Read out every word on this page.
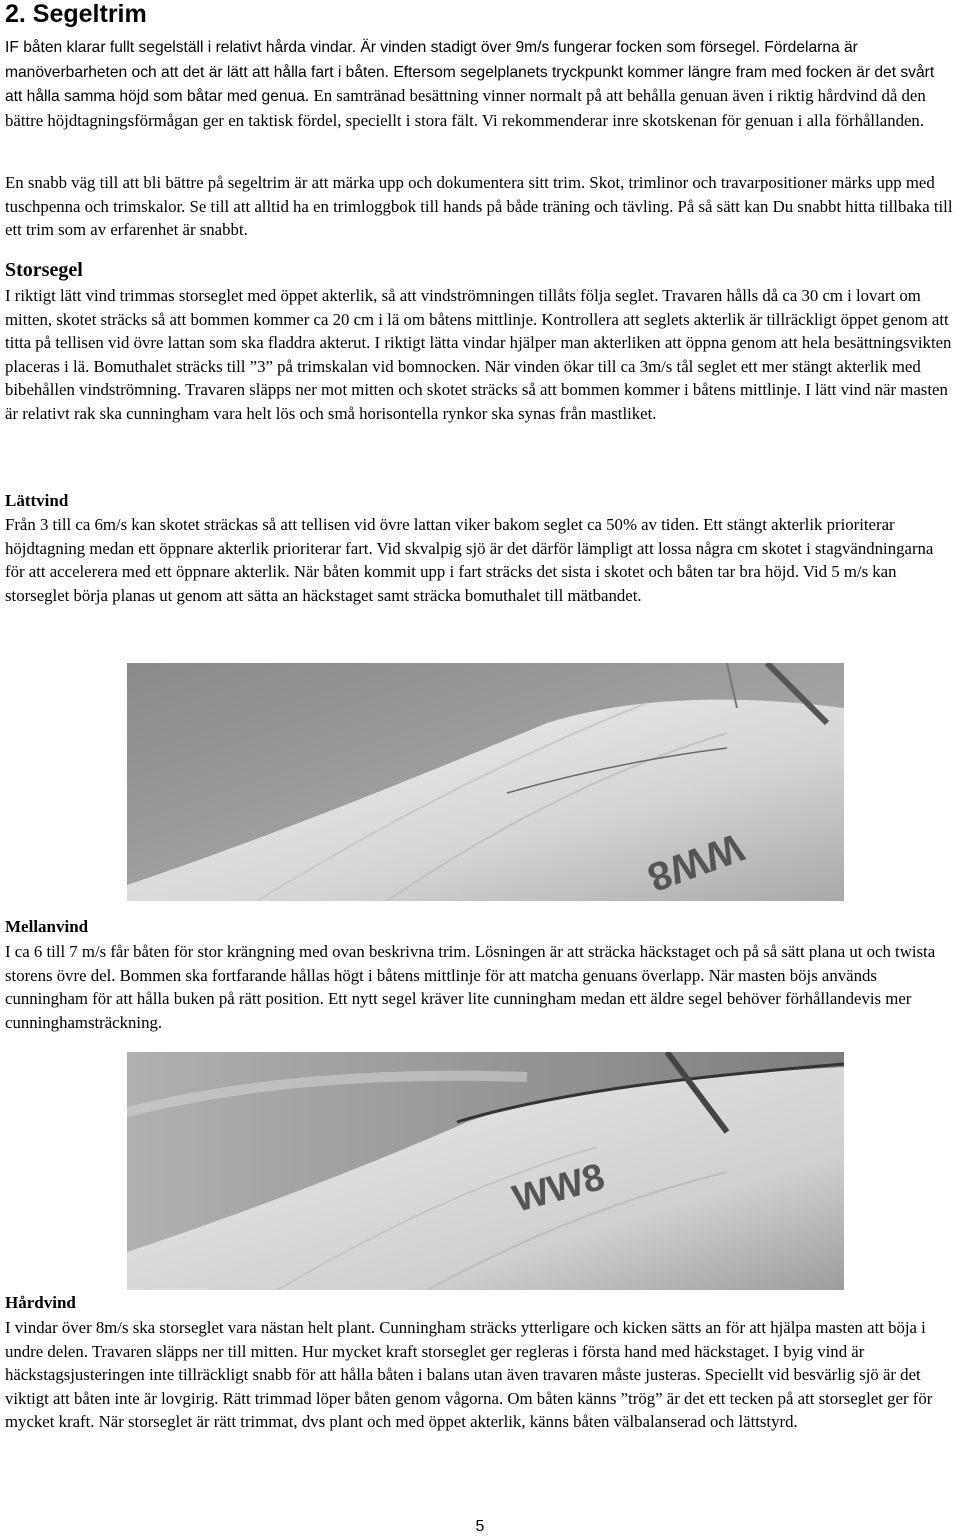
2. Segeltrim

IF båten klarar fullt segelställ i relativt hårda vindar. Är vinden stadigt över 9m/s fungerar focken som försegel. Fördelarna är manöverbarheten och att det är lätt att hålla fart i båten. Eftersom segelplanets tryckpunkt kommer längre fram med focken är det svårt att hålla samma höjd som båtar med genua. En samtränad besättning vinner normalt på att behålla genuan även i riktig hårdvind då den bättre höjdtagningsförmågan ger en taktisk fördel, speciellt i stora fält. Vi rekommenderar inre skotskenan för genuan i alla förhållanden.

En snabb väg till att bli bättre på segeltrim är att märka upp och dokumentera sitt trim. Skot, trimlinor och travarpositioner märks upp med tuschpenna och trimskalor. Se till att alltid ha en trimloggbok till hands på både träning och tävling. På så sätt kan Du snabbt hitta tillbaka till ett trim som av erfarenhet är snabbt.

Storsegel

I riktigt lätt vind trimmas storseglet med öppet akterlik, så att vindströmningen tillåts följa seglet. Travaren hålls då ca 30 cm i lovart om mitten, skotet sträcks så att bommen kommer ca 20 cm i lä om båtens mittlinje. Kontrollera att seglets akterlik är tillräckligt öppet genom att titta på tellisen vid övre lattan som ska fladdra akterut. I riktigt lätta vindar hjälper man akterliken att öppna genom att hela besättningsvikten placeras i lä. Bomuthalet sträcks till ”3” på trimskalan vid bomnocken. När vinden ökar till ca 3m/s tål seglet ett mer stängt akterlik med bibehållen vindströmning. Travaren släpps ner mot mitten och skotet sträcks så att bommen kommer i båtens mittlinje. I lätt vind när masten är relativt rak ska cunningham vara helt lös och små horisontella rynkor ska synas från mastliket.

Lättvind

Från 3 till ca 6m/s kan skotet sträckas så att tellisen vid övre lattan viker bakom seglet ca 50% av tiden. Ett stängt akterlik prioriterar höjdtagning medan ett öppnare akterlik prioriterar fart. Vid skvalpig sjö är det därför lämpligt att lossa några cm skotet i stagvändningarna för att accelerera med ett öppnare akterlik. När båten kommit upp i fart sträcks det sista i skotet och båten tar bra höjd. Vid 5 m/s kan storseglet börja planas ut genom att sätta an häckstaget samt sträcka bomuthalet till mätbandet.

WW8
Mellanvind

I ca 6 till 7 m/s får båten för stor krängning med ovan beskrivna trim. Lösningen är att sträcka häckstaget och på så sätt plana ut och twista storens övre del. Bommen ska fortfarande hållas högt i båtens mittlinje för att matcha genuans överlapp. När masten böjs används cunningham för att hålla buken på rätt position. Ett nytt segel kräver lite cunningham medan ett äldre segel behöver förhållandevis mer cunninghamsträckning.

WW8
Hårdvind

I vindar över 8m/s ska storseglet vara nästan helt plant. Cunningham sträcks ytterligare och kicken sätts an för att hjälpa masten att böja i undre delen. Travaren släpps ner till mitten. Hur mycket kraft storseglet ger regleras i första hand med häckstaget. I byig vind är häckstagsjusteringen inte tillräckligt snabb för att hålla båten i balans utan även travaren måste justeras. Speciellt vid besvärlig sjö är det viktigt att båten inte är lovgirig. Rätt trimmad löper båten genom vågorna. Om båten känns ”trög” är det ett tecken på att storseglet ger för mycket kraft. När storseglet är rätt trimmat, dvs plant och med öppet akterlik, känns båten välbalanserad och lättstyrd.

5
